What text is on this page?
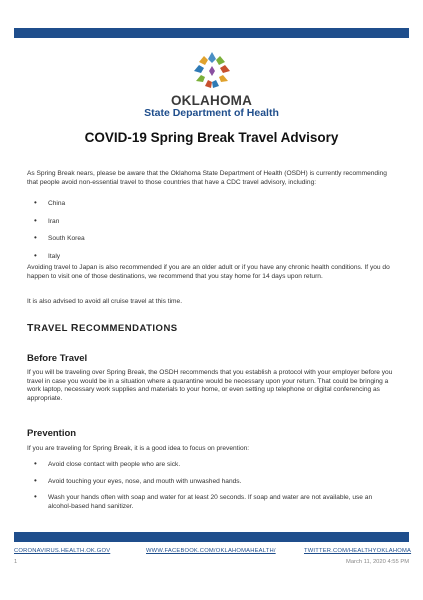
OKLAHOMA
State Department of Health
COVID-19 Spring Break Travel Advisory

As Spring Break nears, please be aware that the Oklahoma State Department of Health (OSDH) is currently recommending that people avoid non-essential travel to those countries that have a CDC travel advisory, including:

• China
• Iran
• South Korea
• Italy

Avoiding travel to Japan is also recommended if you are an older adult or if you have any chronic health conditions. If you do happen to visit one of those destinations, we recommend that you stay home for 14 days upon return.

It is also advised to avoid all cruise travel at this time.

TRAVEL RECOMMENDATIONS
Before Travel

If you will be traveling over Spring Break, the OSDH recommends that you establish a protocol with your employer before you travel in case you would be in a situation where a quarantine would be necessary upon your return. That could be bringing a work laptop, necessary work supplies and materials to your home, or even setting up telephone or digital conferencing as appropriate.

Prevention

If you are traveling for Spring Break, it is a good idea to focus on prevention:

• Avoid close contact with people who are sick.
• Avoid touching your eyes, nose, and mouth with unwashed hands.
• Wash your hands often with soap and water for at least 20 seconds. If soap and water are not available, use an alcohol-based hand sanitizer.
CORONAVIRUS.HEALTH.OK.GOV	WWW.FACEBOOK.COM/OKLAHOMAHEALTH/	TWITTER.COM/HEALTHYOKLAHOMA
1	March 11, 2020 4:55 PM
